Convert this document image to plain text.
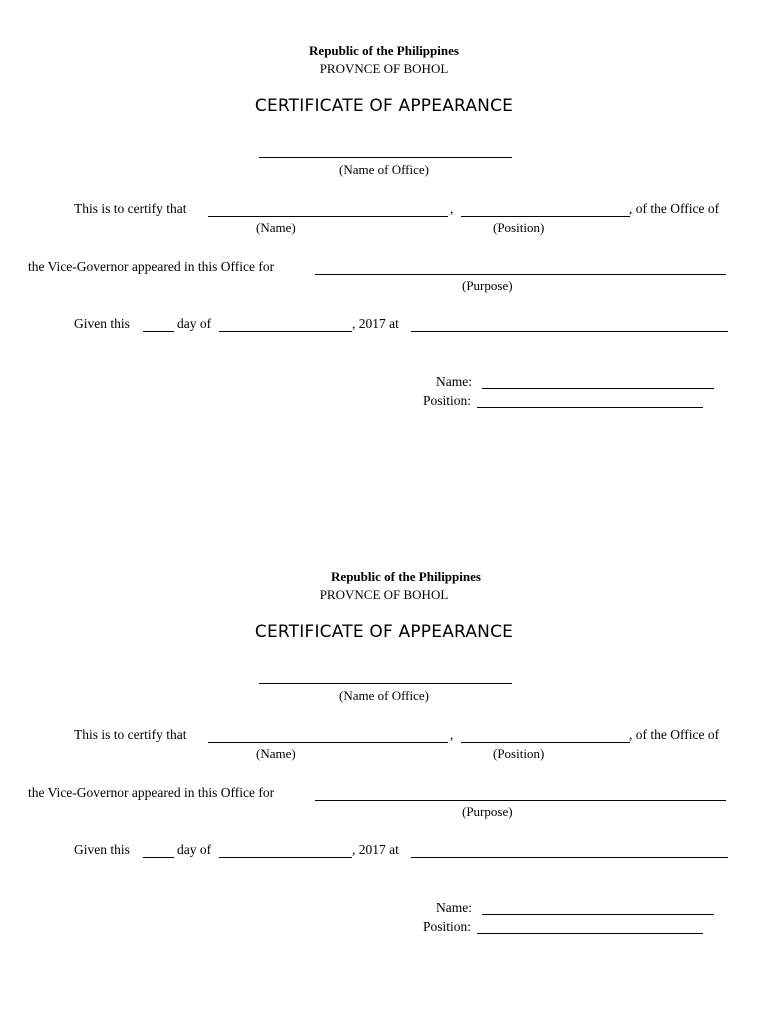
Republic of the Philippines
PROVNCE OF BOHOL
CERTIFICATE OF APPEARANCE
(Name of Office)
This is to certify that	,	, of the Office of
(Name)	(Position)
the Vice-Governor appeared in this Office for
(Purpose)
Given this	day of	, 2017 at
Name:
Position:
Republic of the Philippines
PROVNCE OF BOHOL
CERTIFICATE OF APPEARANCE
(Name of Office)
This is to certify that	,	, of the Office of
(Name)	(Position)
the Vice-Governor appeared in this Office for
(Purpose)
Given this	day of	, 2017 at
Name:
Position:
